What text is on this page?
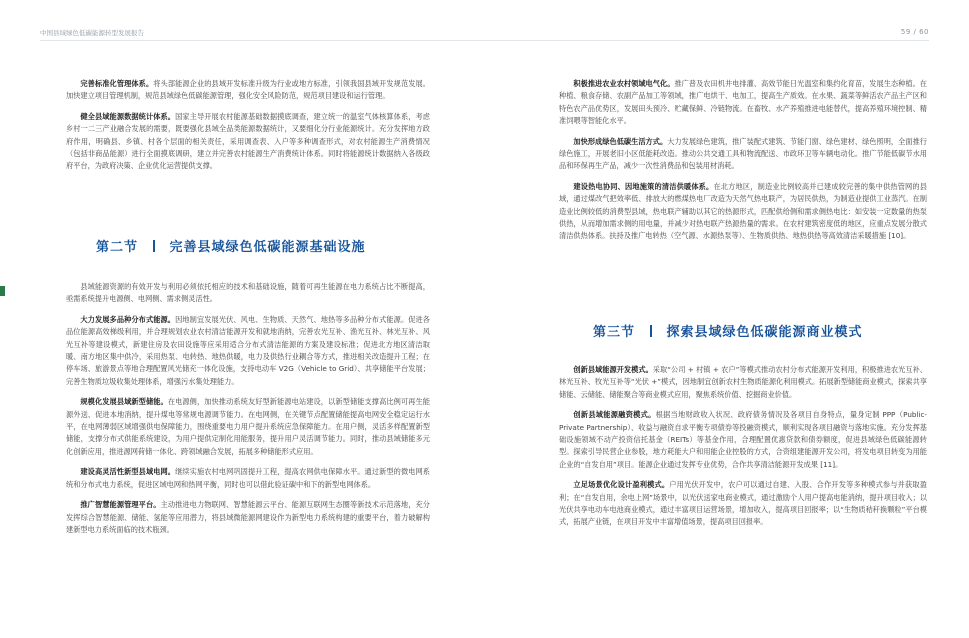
中国县域绿色低碳能源转型发展报告	59 / 60

完善标准化管理体系。将头部能源企业的县域开发标准升级为行业或地方标准，引领我国县域开发规范发展。加快建立项目管理机制，规范县域绿色低碳能源管理，强化安全风险防范，规范项目建设和运行管理。

健全县域能源数据统计体系。国家主导开展农村能源基础数据摸底调查，建立统一的温室气体核算体系，考虑乡村一二三产业融合发展的需要，既要强化县域全品类能源数据统计，又要细化分行业能源统计。充分发挥地方政府作用，明确县、乡镇、村各个层面的相关责任，采用调查表、入户等多种调查形式，对农村能源生产消费情况（包括非商品能源）进行全面摸底调研，建立并完善农村能源生产消费统计体系。同时将能源统计数据纳入各级政府平台，为政府决策、企业优化运营提供支撑。

第二节 完善县域绿色低碳能源基础设施

县域能源资源的有效开发与利用必须依托相应的技术和基础设施，随着可再生能源在电力系统占比不断提高，亟需系统提升电源侧、电网侧、需求侧灵活性。

大力发展多品种分布式能源。因地制宜发展光伏、风电、生物质、天然气、地热等多品种分布式能源。促进各品位能源高效梯级利用，并合理规划农业农村清洁能源开发和就地消纳，完善农光互补、渔光互补、林光互补、风光互补等建设模式，新建住房及农田设施等应采用适合分布式清洁能源的方案及建设标准；促进北方地区清洁取暖、南方地区集中供冷，采用热泵、电转热、地热供暖，电力及供热行业耦合等方式，推进相关改造提升工程；在停车场、旅游景点等地合理配置风光储充一体化设施，支持电动车 V2G（Vehicle to Grid）、共享储能平台发展；完善生物质垃圾收集处理体系，增强污水集处理能力。

规模化发展县域新型储能。在电源侧，加快推动系统友好型新能源电站建设，以新型储能支撑高比例可再生能源外送、促进本地消纳，提升煤电等常规电源调节能力。在电网侧，在关键节点配置储能提高电网安全稳定运行水平，在电网薄弱区域增强供电保障能力，围绕重要电力用户提升系统应急保障能力。在用户侧，灵活多样配置新型储能，支撑分布式供能系统建设，为用户提供定制化用能服务，提升用户灵活调节能力。同时，推动县域储能多元化创新应用，推进源网荷储一体化、跨领域融合发展，拓展多种储能形式应用。

建设高灵活性新型县域电网。继续实施农村电网巩固提升工程，提高农网供电保障水平。通过新型的微电网系统和分布式电力系统，促进区域电网和热网平衡，同时也可以借此验证碳中和下的新型电网体系。

推广智慧能源管理平台。主动推进电力物联网、智慧能源云平台、能源互联网生态圈等新技术示范落地，充分发挥综合智慧能源、储能、氢能等应用潜力，将县域微能源网建设作为新型电力系统构建的重要平台，着力破解构建新型电力系统面临的技术瓶颈。

积极推进农业农村领域电气化。推广普及农田机井电排灌、高效节能日光温室和集约化育苗，发展生态种植。在种植、粮食存储、农副产品加工等领域，推广电烘干、电加工，提高生产质效。在水果、蔬菜等鲜活农产品主产区和特色农产品优势区，发展田头预冷、贮藏保鲜、冷链物流。在畜牧、水产养殖推进电能替代，提高养殖环境控制、精准饲喂等智能化水平。

加快形成绿色低碳生活方式。大力发展绿色建筑，推广装配式建筑、节能门窗、绿色建材、绿色照明，全面推行绿色施工，开展老旧小区低能耗改造。推动公共交通工具和物流配送、市政环卫等车辆电动化。推广节能低碳节水用品和环保再生产品，减少一次性消费品和包装用材消耗。

建设热电协同、因地施策的清洁供暖体系。在北方地区，制造业比例较高并已建成较完善的集中供热管网的县域，通过煤改气把效率低、排放大的燃煤热电厂改造为天然气热电联产，为居民供热，为制造业提供工业蒸汽。在制造业比例较低的消费型县域，热电联产辅助以其它的热源形式，匹配供给侧和需求侧热电比：如安装一定数量的热泵供热，从而增加需求侧的用电量，并减少对热电联产热源热量的需求。在农村建筑密度低的地区，应重点发展分散式清洁供热体系。扶持及推广电转热（空气源、水源热泵等）、生物质供热、地热供热等高效清洁采暖措施 [10]。

第三节 探索县域绿色低碳能源商业模式

创新县域能源开发模式。采取“公司 + 村镇 + 农户”等模式推动农村分布式能源开发利用，积极推进农光互补、林光互补、牧光互补等“光伏 +”模式，因地制宜创新农村生物质能源化利用模式。拓展新型储能商业模式，探索共享储能、云储能、储能聚合等商业模式应用，聚焦系统价值、挖掘商业价值。

创新县域能源融资模式。根据当地财政收入状况、政府债务情况及各项目自身特点，量身定制 PPP（Public-Private Partnership）、收益与融资自求平衡专项债券等投融资模式，顺利实现各项目融资与落地实施。充分发挥基础设施领域不动产投资信托基金（REITs）等基金作用，合理配置优惠贷款和债券额度，促进县域绿色低碳能源转型。探索引导民营企业参股，地方耗能大户和用能企业控股的方式，合资组建能源开发公司，将发电项目转变为用能企业的“自发自用”项目。能源企业通过发挥专业优势，合作共享清洁能源开发成果 [11]。

立足场景优化设计盈利模式。户用光伏开发中，农户可以通过自建、入股、合作开发等多种模式参与并获取盈利；在“自发自用，余电上网”场景中，以光伏送家电商业模式，通过激励个人用户提高电能消纳，提升项目收入；以光伏共享电动车电池商业模式，通过丰富项目运营场景，增加收入，提高项目回报率；以“生物质秸秆换颗粒”平台模式，拓展产业链，在项目开发中丰富增值场景，提高项目回报率。
